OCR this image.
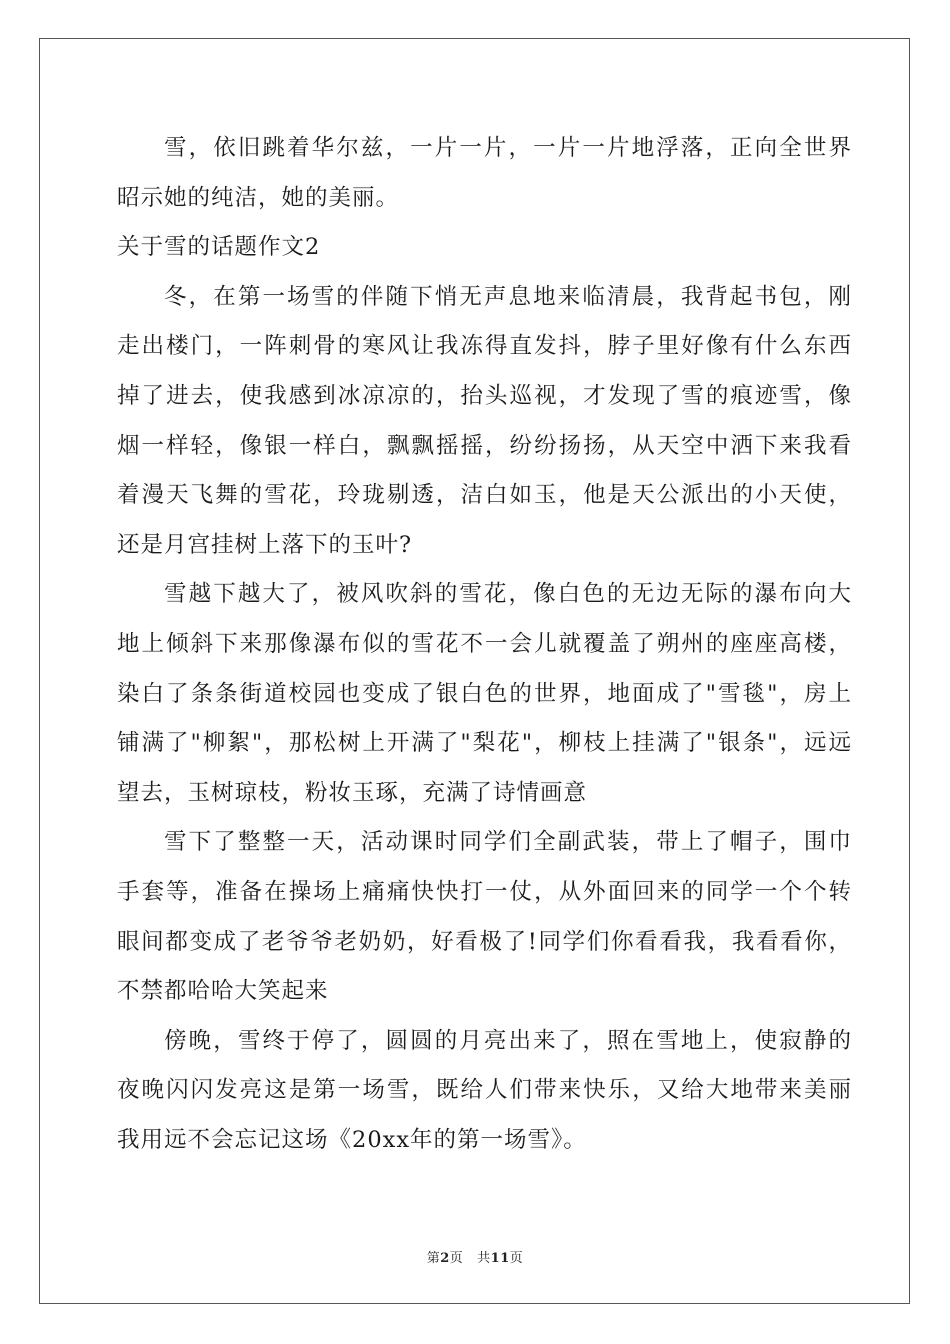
雪，依旧跳着华尔兹，一片一片，一片一片地浮落，正向全世界
昭示她的纯洁，她的美丽。
关于雪的话题作文2
冬，在第一场雪的伴随下悄无声息地来临清晨，我背起书包，刚
走出楼门，一阵刺骨的寒风让我冻得直发抖，脖子里好像有什么东西
掉了进去，使我感到冰凉凉的，抬头巡视，才发现了雪的痕迹雪，像
烟一样轻，像银一样白，飘飘摇摇，纷纷扬扬，从天空中洒下来我看
着漫天飞舞的雪花，玲珑剔透，洁白如玉，他是天公派出的小天使，
还是月宫挂树上落下的玉叶?
雪越下越大了，被风吹斜的雪花，像白色的无边无际的瀑布向大
地上倾斜下来那像瀑布似的雪花不一会儿就覆盖了朔州的座座高楼，
染白了条条街道校园也变成了银白色的世界，地面成了"雪毯"，房上
铺满了"柳絮"，那松树上开满了"梨花"，柳枝上挂满了"银条"，远远
望去，玉树琼枝，粉妆玉琢，充满了诗情画意
雪下了整整一天，活动课时同学们全副武装，带上了帽子，围巾
手套等，准备在操场上痛痛快快打一仗，从外面回来的同学一个个转
眼间都变成了老爷爷老奶奶，好看极了!同学们你看看我，我看看你，
不禁都哈哈大笑起来
傍晚，雪终于停了，圆圆的月亮出来了，照在雪地上，使寂静的
夜晚闪闪发亮这是第一场雪，既给人们带来快乐，又给大地带来美丽
我用远不会忘记这场《20xx年的第一场雪》。
第2页   共11页
